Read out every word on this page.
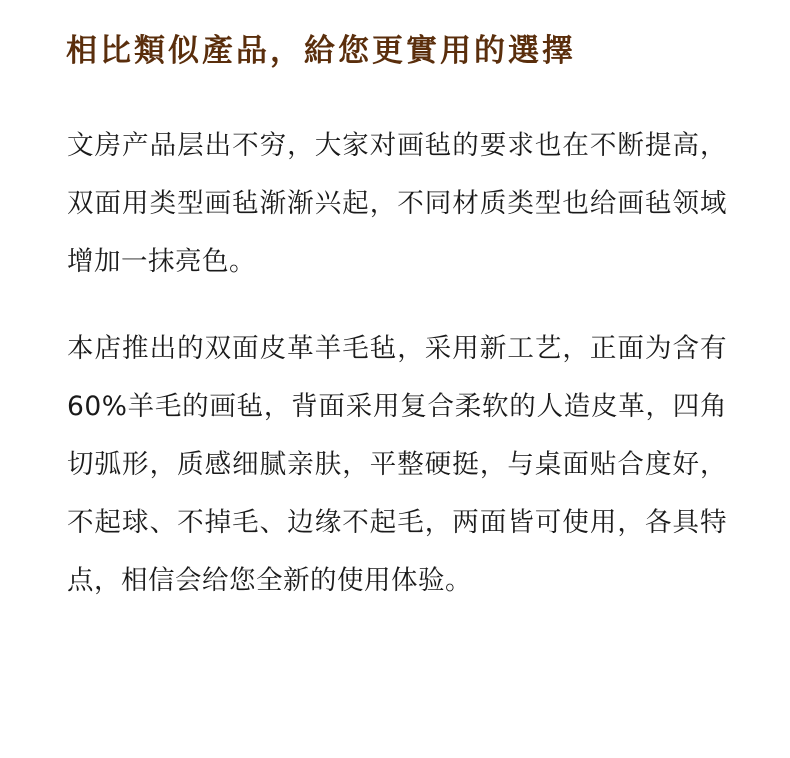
相比類似產品，給您更實用的選擇

文房产品层出不穷，大家对画毡的要求也在不断提高，双面用类型画毡渐渐兴起，不同材质类型也给画毡领域增加一抹亮色。

本店推出的双面皮革羊毛毡，采用新工艺，正面为含有60%羊毛的画毡，背面采用复合柔软的人造皮革，四角切弧形，质感细腻亲肤，平整硬挺，与桌面贴合度好，不起球、不掉毛、边缘不起毛，两面皆可使用，各具特点，相信会给您全新的使用体验。
